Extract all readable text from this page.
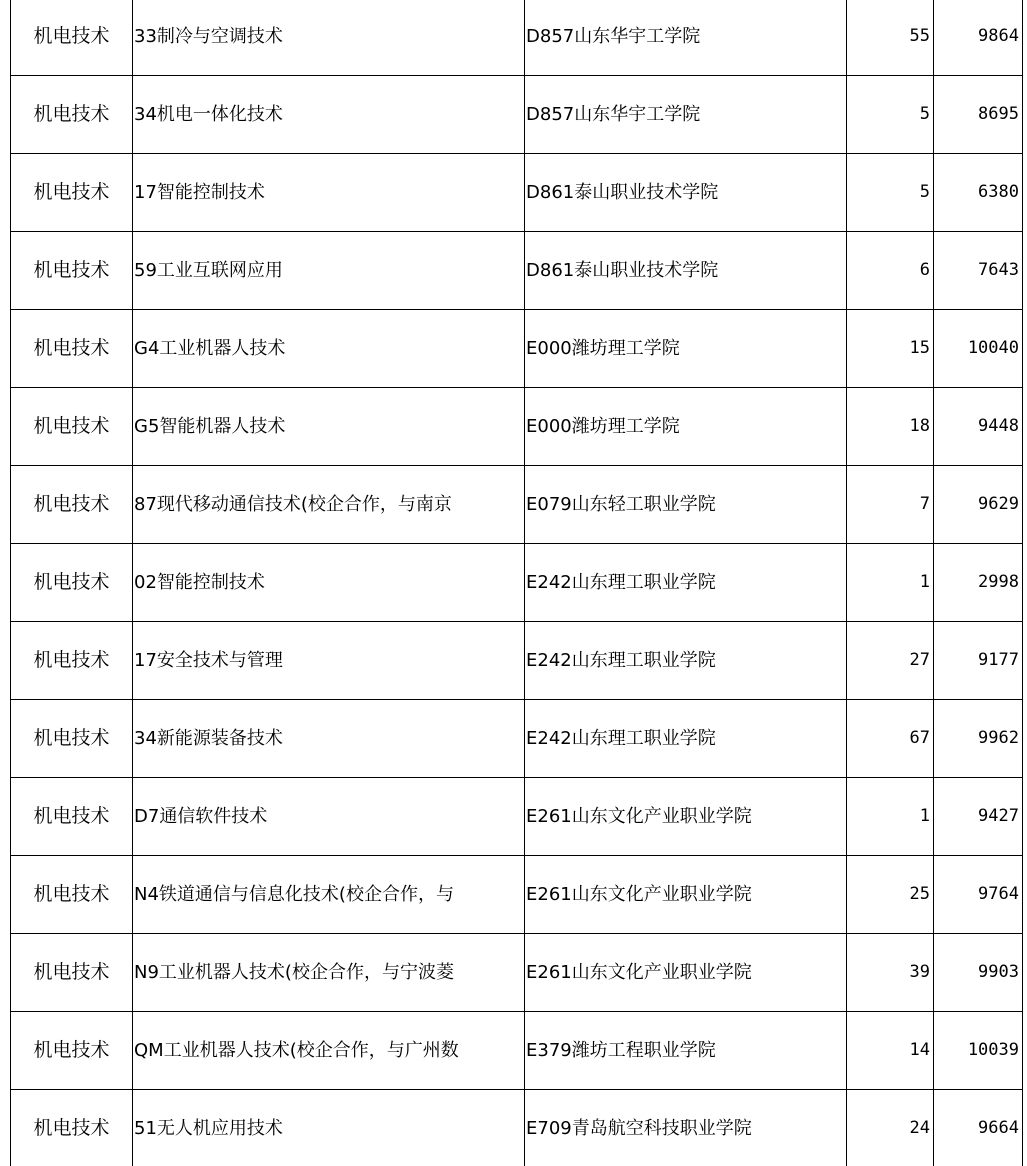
机电技术	33制冷与空调技术	D857山东华宇工学院	55	9864
机电技术	34机电一体化技术	D857山东华宇工学院	5	8695
机电技术	17智能控制技术	D861泰山职业技术学院	5	6380
机电技术	59工业互联网应用	D861泰山职业技术学院	6	7643
机电技术	G4工业机器人技术	E000潍坊理工学院	15	10040
机电技术	G5智能机器人技术	E000潍坊理工学院	18	9448
机电技术	87现代移动通信技术(校企合作，与南京	E079山东轻工职业学院	7	9629
机电技术	02智能控制技术	E242山东理工职业学院	1	2998
机电技术	17安全技术与管理	E242山东理工职业学院	27	9177
机电技术	34新能源装备技术	E242山东理工职业学院	67	9962
机电技术	D7通信软件技术	E261山东文化产业职业学院	1	9427
机电技术	N4铁道通信与信息化技术(校企合作，与	E261山东文化产业职业学院	25	9764
机电技术	N9工业机器人技术(校企合作，与宁波菱	E261山东文化产业职业学院	39	9903
机电技术	QM工业机器人技术(校企合作，与广州数	E379潍坊工程职业学院	14	10039
机电技术	51无人机应用技术	E709青岛航空科技职业学院	24	9664
